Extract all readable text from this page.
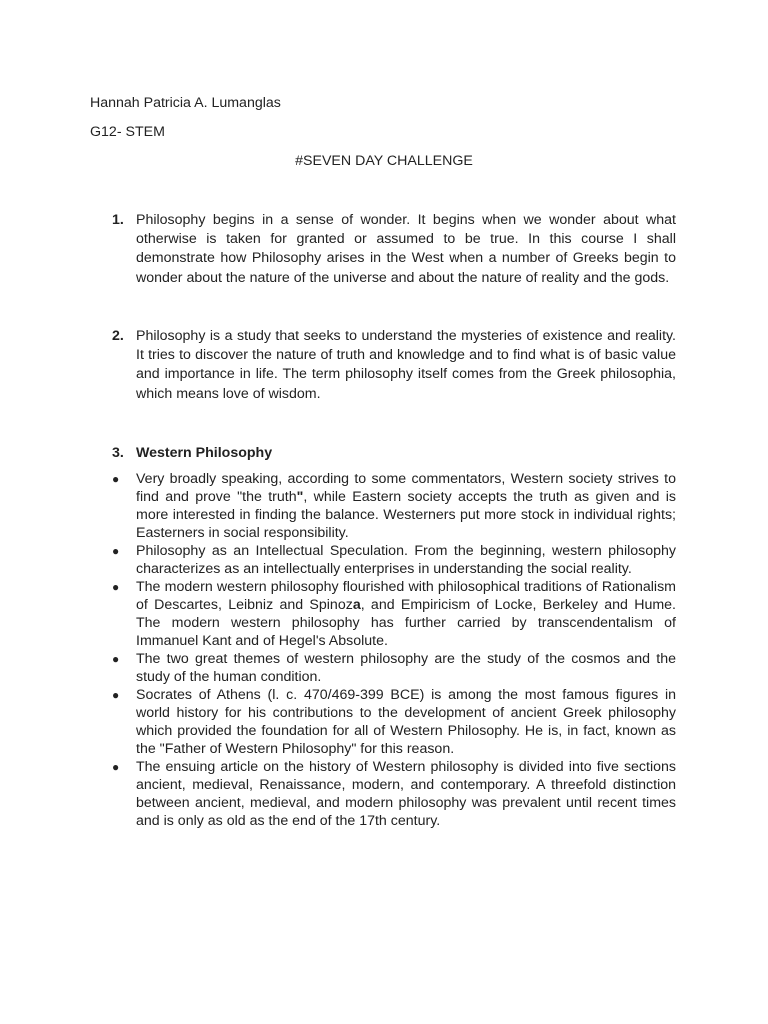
Hannah Patricia A. Lumanglas

G12- STEM

#SEVEN DAY CHALLENGE
1. Philosophy begins in a sense of wonder. It begins when we wonder about what otherwise is taken for granted or assumed to be true. In this course I shall demonstrate how Philosophy arises in the West when a number of Greeks begin to wonder about the nature of the universe and about the nature of reality and the gods.

2. Philosophy is a study that seeks to understand the mysteries of existence and reality. It tries to discover the nature of truth and knowledge and to find what is of basic value and importance in life. The term philosophy itself comes from the Greek philosophia, which means love of wisdom.

3. Western Philosophy

● Very broadly speaking, according to some commentators, Western society strives to find and prove "the truth", while Eastern society accepts the truth as given and is more interested in finding the balance. Westerners put more stock in individual rights; Easterners in social responsibility.
● Philosophy as an Intellectual Speculation. From the beginning, western philosophy characterizes as an intellectually enterprises in understanding the social reality.
● The modern western philosophy flourished with philosophical traditions of Rationalism of Descartes, Leibniz and Spinoza, and Empiricism of Locke, Berkeley and Hume. The modern western philosophy has further carried by transcendentalism of Immanuel Kant and of Hegel's Absolute.
● The two great themes of western philosophy are the study of the cosmos and the study of the human condition.
● Socrates of Athens (l. c. 470/469-399 BCE) is among the most famous figures in world history for his contributions to the development of ancient Greek philosophy which provided the foundation for all of Western Philosophy. He is, in fact, known as the "Father of Western Philosophy" for this reason.
● The ensuing article on the history of Western philosophy is divided into five sections ancient, medieval, Renaissance, modern, and contemporary. A threefold distinction between ancient, medieval, and modern philosophy was prevalent until recent times and is only as old as the end of the 17th century.
